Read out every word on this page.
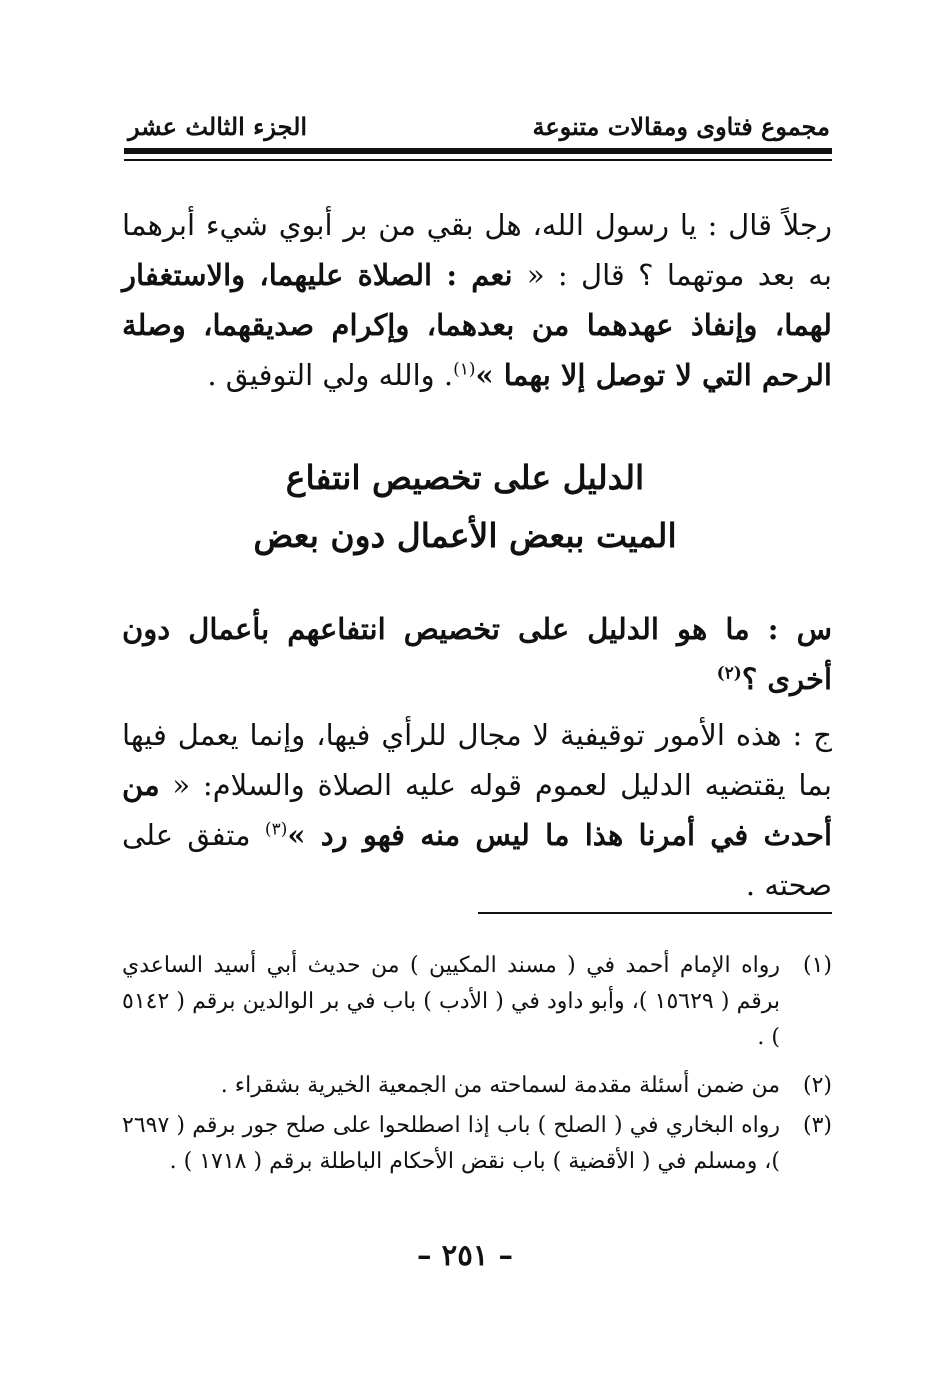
مجموع فتاوى ومقالات متنوعة
الجزء الثالث عشر
رجلاً قال : يا رسول الله، هل بقي من بر أبوي شيء أبرهما به بعد موتهما ؟ قال : « نعم : الصلاة عليهما، والاستغفار لهما، وإنفاذ عهدهما من بعدهما، وإكرام صديقهما، وصلة الرحم التي لا توصل إلا بهما »$^{(١)}$. والله ولي التوفيق .
الدليل على تخصيص انتفاع
الميت ببعض الأعمال دون بعض
س : ما هو الدليل على تخصيص انتفاعهم بأعمال دون أخرى ؟$^{(٢)}$
ج : هذه الأمور توقيفية لا مجال للرأي فيها، وإنما يعمل فيها بما يقتضيه الدليل لعموم قوله عليه الصلاة والسلام: « من أحدث في أمرنا هذا ما ليس منه فهو رد »$^{(٣)}$ متفق على صحته .
(١)
رواه الإمام أحمد في ( مسند المكيين ) من حديث أبي أسيد الساعدي برقم ( ١٥٦٢٩ )، وأبو داود في ( الأدب ) باب في بر الوالدين برقم ( ٥١٤٢ ) .
(٢)
من ضمن أسئلة مقدمة لسماحته من الجمعية الخيرية بشقراء .
(٣)
رواه البخاري في ( الصلح ) باب إذا اصطلحوا على صلح جور برقم ( ٢٦٩٧ )، ومسلم في ( الأقضية ) باب نقض الأحكام الباطلة برقم ( ١٧١٨ ) .
– ٢٥١ –
